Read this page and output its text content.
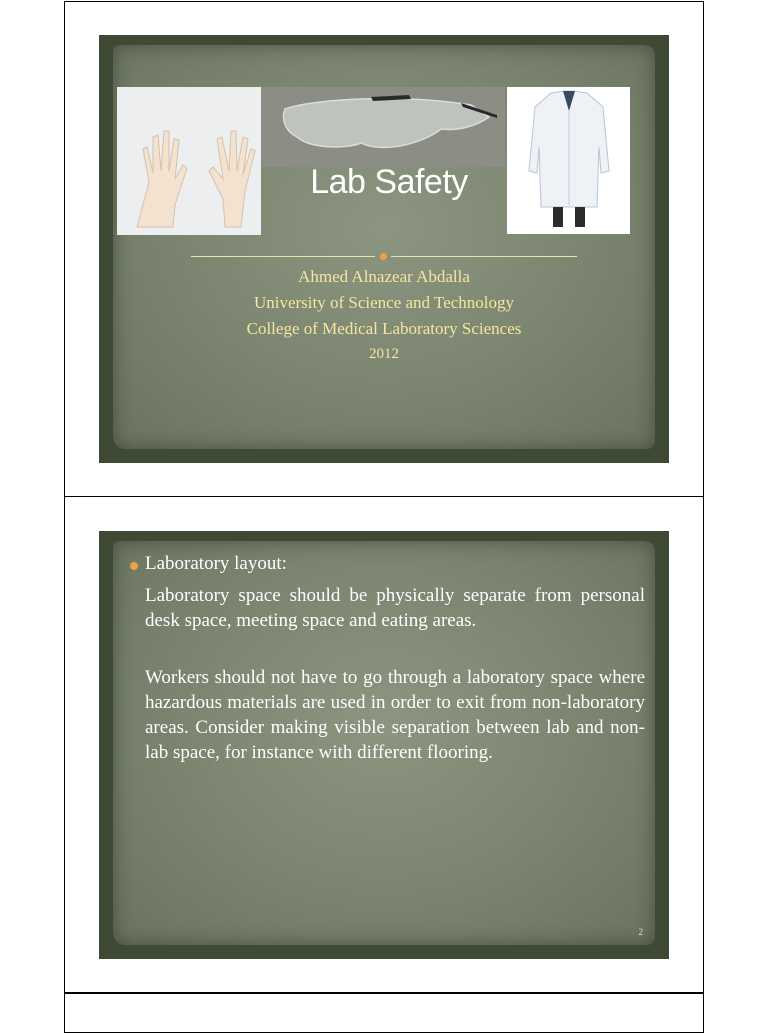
Lab Safety
Ahmed Alnazear Abdalla
University of Science and Technology
College of Medical Laboratory Sciences
2012
Laboratory layout:
Laboratory space should be physically separate from personal desk space, meeting space and eating areas.
Workers should not have to go through a laboratory space where hazardous materials are used in order to exit from non-laboratory areas. Consider making visible separation between lab and non-lab space, for instance with different flooring.
2
